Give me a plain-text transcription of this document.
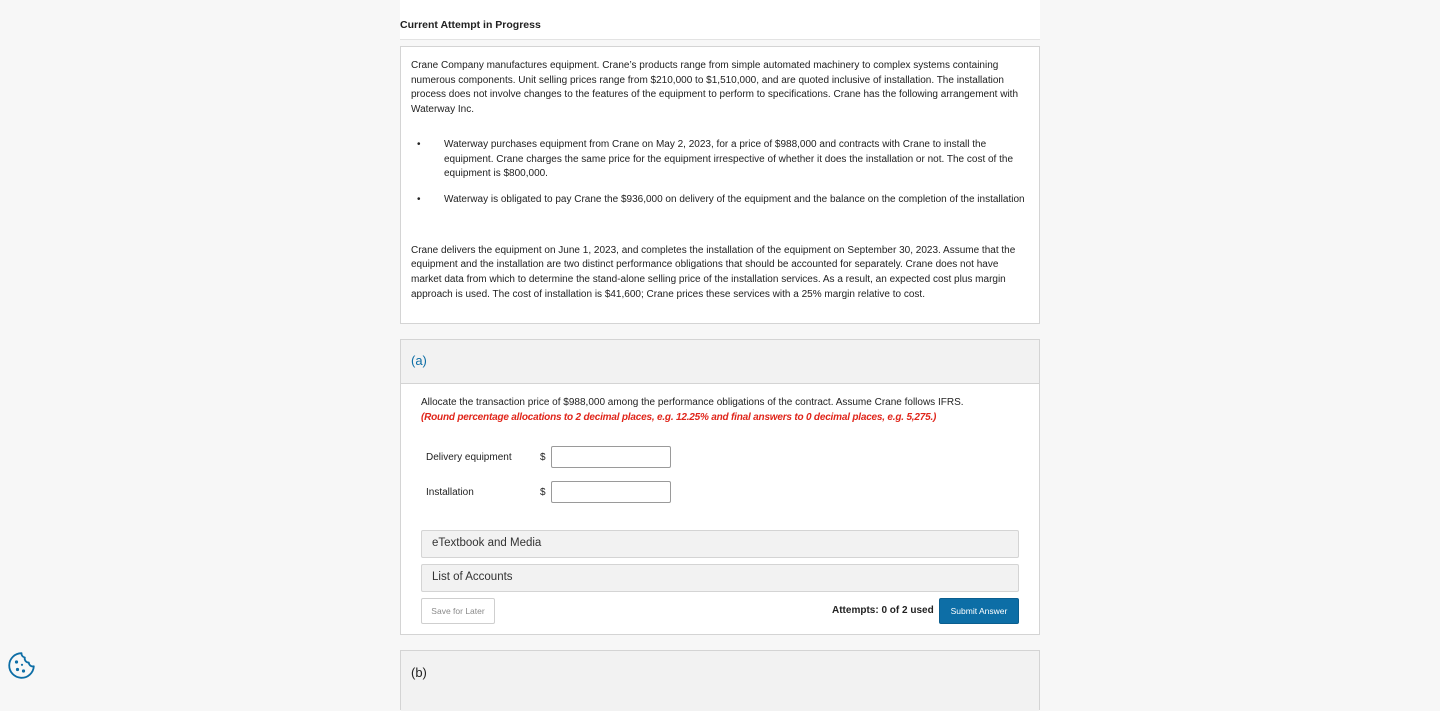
Current Attempt in Progress

Crane Company manufactures equipment. Crane’s products range from simple automated machinery to complex systems containing numerous components. Unit selling prices range from $210,000 to $1,510,000, and are quoted inclusive of installation. The installation process does not involve changes to the features of the equipment to perform to specifications. Crane has the following arrangement with Waterway Inc.

• Waterway purchases equipment from Crane on May 2, 2023, for a price of $988,000 and contracts with Crane to install the equipment. Crane charges the same price for the equipment irrespective of whether it does the installation or not. The cost of the equipment is $800,000.
• Waterway is obligated to pay Crane the $936,000 on delivery of the equipment and the balance on the completion of the installation

Crane delivers the equipment on June 1, 2023, and completes the installation of the equipment on September 30, 2023. Assume that the equipment and the installation are two distinct performance obligations that should be accounted for separately. Crane does not have market data from which to determine the stand-alone selling price of the installation services. As a result, an expected cost plus margin approach is used. The cost of installation is $41,600; Crane prices these services with a 25% margin relative to cost.

(a)
Allocate the transaction price of $988,000 among the performance obligations of the contract. Assume Crane follows IFRS.
(Round percentage allocations to 2 decimal places, e.g. 12.25% and final answers to 0 decimal places, e.g. 5,275.)
Delivery equipment	$
Installation	$
eTextbook and Media
List of Accounts
Save for Later	Attempts: 0 of 2 used	Submit Answer
(b)
